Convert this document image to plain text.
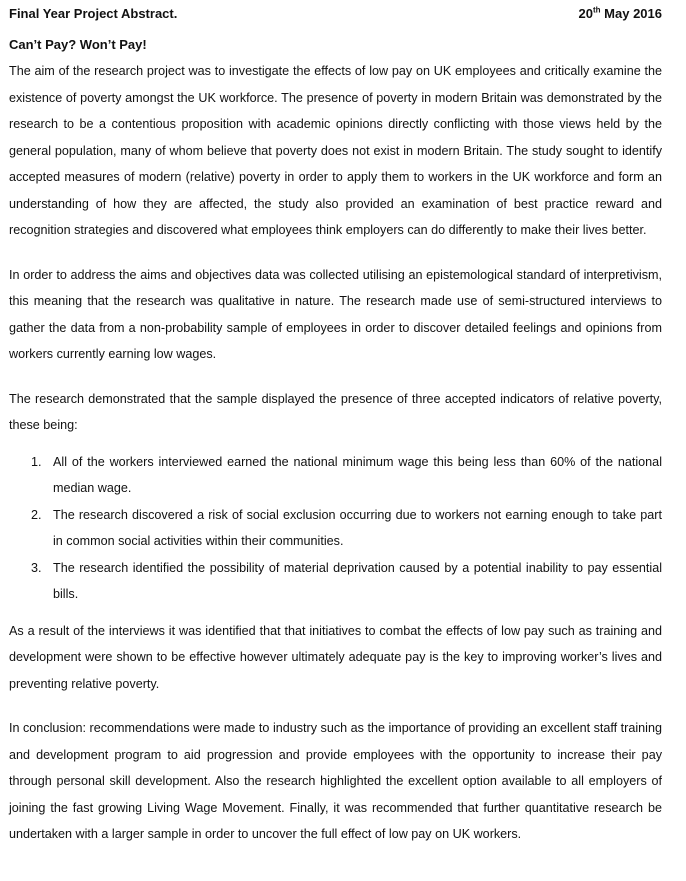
Final Year Project Abstract.	20th May 2016
Can’t Pay? Won’t Pay!

The aim of the research project was to investigate the effects of low pay on UK employees and critically examine the existence of poverty amongst the UK workforce. The presence of poverty in modern Britain was demonstrated by the research to be a contentious proposition with academic opinions directly conflicting with those views held by the general population, many of whom believe that poverty does not exist in modern Britain. The study sought to identify accepted measures of modern (relative) poverty in order to apply them to workers in the UK workforce and form an understanding of how they are affected, the study also provided an examination of best practice reward and recognition strategies and discovered what employees think employers can do differently to make their lives better.

In order to address the aims and objectives data was collected utilising an epistemological standard of interpretivism, this meaning that the research was qualitative in nature. The research made use of semi-structured interviews to gather the data from a non-probability sample of employees in order to discover detailed feelings and opinions from workers currently earning low wages.

The research demonstrated that the sample displayed the presence of three accepted indicators of relative poverty, these being:

1. All of the workers interviewed earned the national minimum wage this being less than 60% of the national median wage.
2. The research discovered a risk of social exclusion occurring due to workers not earning enough to take part in common social activities within their communities.
3. The research identified the possibility of material deprivation caused by a potential inability to pay essential bills.

As a result of the interviews it was identified that that initiatives to combat the effects of low pay such as training and development were shown to be effective however ultimately adequate pay is the key to improving worker’s lives and preventing relative poverty.

In conclusion: recommendations were made to industry such as the importance of providing an excellent staff training and development program to aid progression and provide employees with the opportunity to increase their pay through personal skill development. Also the research highlighted the excellent option available to all employers of joining the fast growing Living Wage Movement. Finally, it was recommended that further quantitative research be undertaken with a larger sample in order to uncover the full effect of low pay on UK workers.
